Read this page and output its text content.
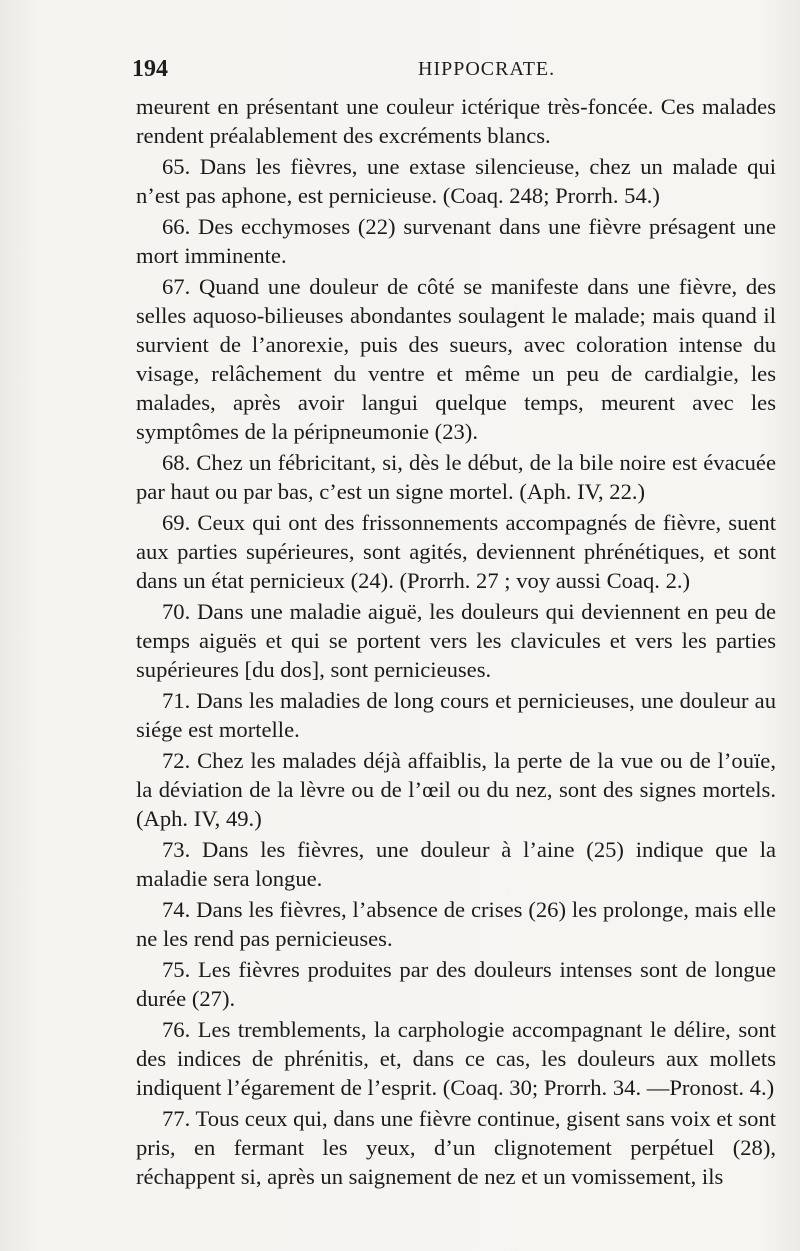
194	HIPPOCRATE.

meurent en présentant une couleur ictérique très-foncée. Ces malades rendent préalablement des excréments blancs.

65. Dans les fièvres, une extase silencieuse, chez un malade qui n’est pas aphone, est pernicieuse. (Coaq. 248; Prorrh. 54.)

66. Des ecchymoses (22) survenant dans une fièvre présagent une mort imminente.

67. Quand une douleur de côté se manifeste dans une fièvre, des selles aquoso-bilieuses abondantes soulagent le malade; mais quand il survient de l’anorexie, puis des sueurs, avec coloration intense du visage, relâchement du ventre et même un peu de cardialgie, les malades, après avoir langui quelque temps, meurent avec les symptômes de la péripneumonie (23).

68. Chez un fébricitant, si, dès le début, de la bile noire est évacuée par haut ou par bas, c’est un signe mortel. (Aph. IV, 22.)

69. Ceux qui ont des frissonnements accompagnés de fièvre, suent aux parties supérieures, sont agités, deviennent phrénétiques, et sont dans un état pernicieux (24). (Prorrh. 27 ; voy aussi Coaq. 2.)

70. Dans une maladie aiguë, les douleurs qui deviennent en peu de temps aiguës et qui se portent vers les clavicules et vers les parties supérieures [du dos], sont pernicieuses.

71. Dans les maladies de long cours et pernicieuses, une douleur au siége est mortelle.

72. Chez les malades déjà affaiblis, la perte de la vue ou de l’ouïe, la déviation de la lèvre ou de l’œil ou du nez, sont des signes mortels. (Aph. IV, 49.)

73. Dans les fièvres, une douleur à l’aine (25) indique que la maladie sera longue.

74. Dans les fièvres, l’absence de crises (26) les prolonge, mais elle ne les rend pas pernicieuses.

75. Les fièvres produites par des douleurs intenses sont de longue durée (27).

76. Les tremblements, la carphologie accompagnant le délire, sont des indices de phrénitis, et, dans ce cas, les douleurs aux mollets indiquent l’égarement de l’esprit. (Coaq. 30; Prorrh. 34. —Pronost. 4.)

77. Tous ceux qui, dans une fièvre continue, gisent sans voix et sont pris, en fermant les yeux, d’un clignotement perpétuel (28), réchappent si, après un saignement de nez et un vomissement, ils
